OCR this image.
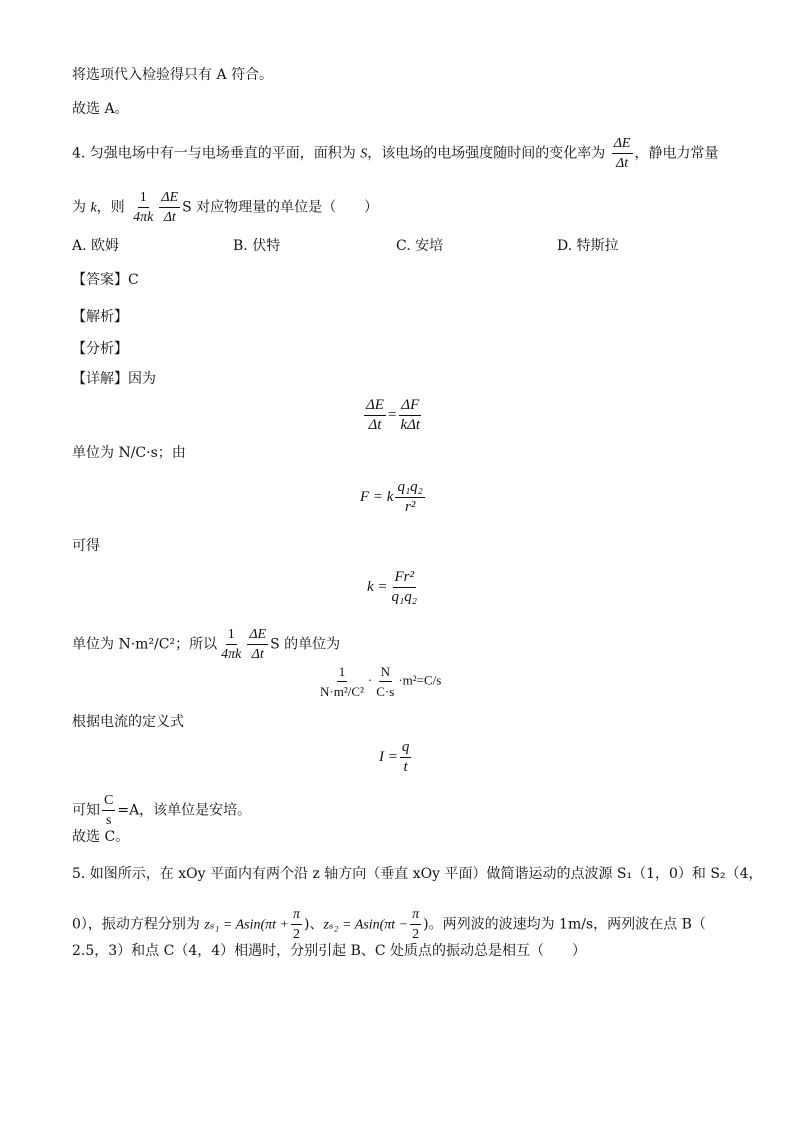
将选项代入检验得只有 A 符合。
故选 A。
4. 匀强电场中有一与电场垂直的平面，面积为 S，该电场的电场强度随时间的变化率为 $\frac{\Delta E}{\Delta t}$ ，静电力常量
为 k，则 $\frac{1}{4\pi k} \frac{\Delta E}{\Delta t}$ S 对应物理量的单位是（　　）
A. 欧姆	B. 伏特	C. 安培	D. 特斯拉
【答案】C
【解析】
【分析】
【详解】因为
$\frac{\Delta E}{\Delta t} = \frac{\Delta F}{\text{kΔt}}$
单位为 N/C·s；由
F = k $\frac{\text{q₁q₂}}{\text{r²}}$
可得
$k = \frac{\text{Fr²}}{\text{q₁q₂}}$
单位为 N·m²/C²；所以 $\frac{1}{4\pi k} \frac{\Delta E}{\Delta t}$ S 的单位为
$\frac{1}{\text{N·m²/C²}} \cdot \frac{N}{C\cdot s} \cdot m^2=C/s$
根据电流的定义式
$I = \frac{q}{t}$
可知 $\frac{C}{s} =A$，该单位是安培。
故选 C。
5. 如图所示，在 xOy 平面内有两个沿 z 轴方向（垂直 xOy 平面）做简谐运动的点波源 S₁（1，0）和 S₂（4，
0），振动方程分别为 $z_{s1} = Asin(\pi t + \frac{\pi}{2}$ )、$z_{s2} = Asin(\pi t - \frac{\pi}{2}$ )。两列波的波速均为 1m/s，两列波在点 B（
2.5，3）和点 C（4，4）相遇时，分别引起 B、C 处质点的振动总是相互（　　）
